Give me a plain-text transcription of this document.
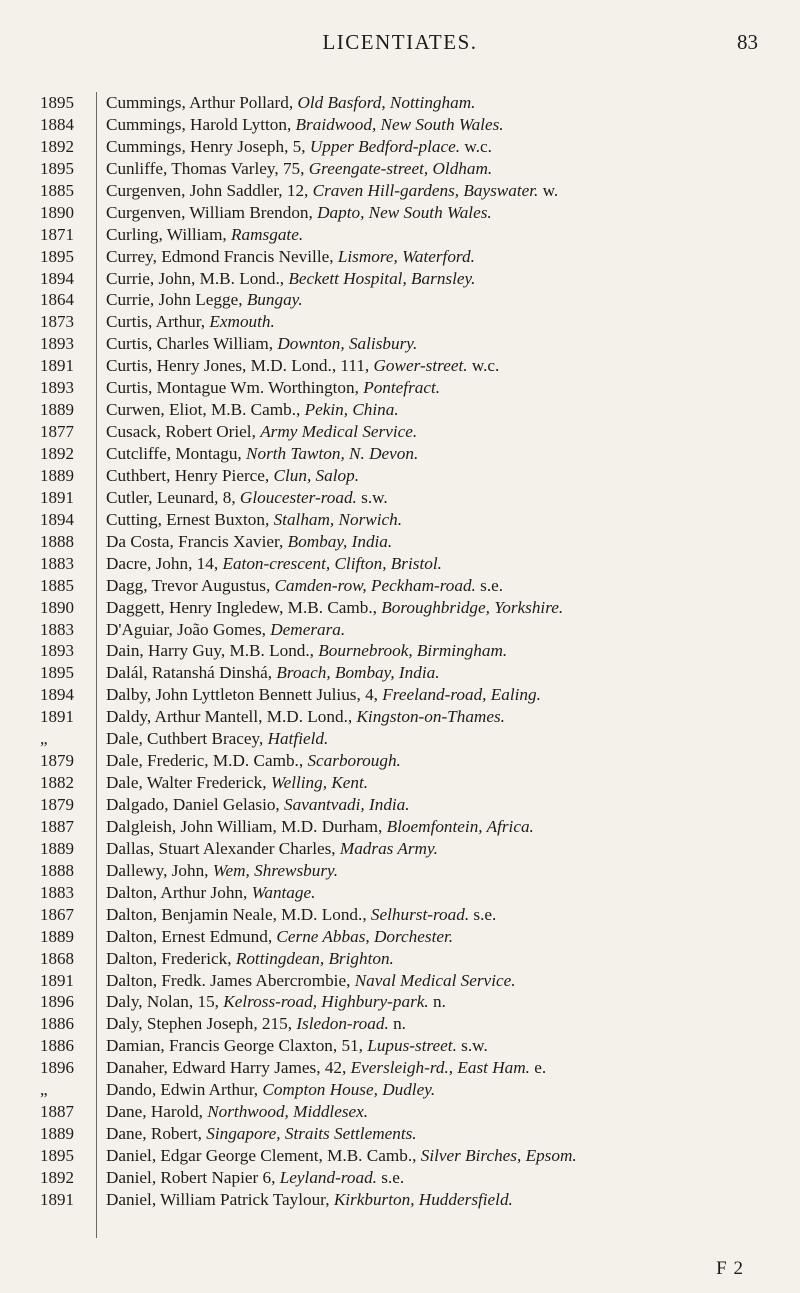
LICENTIATES.	83
1895	Cummings, Arthur Pollard, Old Basford, Nottingham.
1884	Cummings, Harold Lytton, Braidwood, New South Wales.
1892	Cummings, Henry Joseph, 5, Upper Bedford-place. w.c.
1895	Cunliffe, Thomas Varley, 75, Greengate-street, Oldham.
1885	Curgenven, John Saddler, 12, Craven Hill-gardens, Bayswater. w.
1890	Curgenven, William Brendon, Dapto, New South Wales.
1871	Curling, William, Ramsgate.
1895	Currey, Edmond Francis Neville, Lismore, Waterford.
1894	Currie, John, M.B. Lond., Beckett Hospital, Barnsley.
1864	Currie, John Legge, Bungay.
1873	Curtis, Arthur, Exmouth.
1893	Curtis, Charles William, Downton, Salisbury.
1891	Curtis, Henry Jones, M.D. Lond., 111, Gower-street. w.c.
1893	Curtis, Montague Wm. Worthington, Pontefract.
1889	Curwen, Eliot, M.B. Camb., Pekin, China.
1877	Cusack, Robert Oriel, Army Medical Service.
1892	Cutcliffe, Montagu, North Tawton, N. Devon.
1889	Cuthbert, Henry Pierce, Clun, Salop.
1891	Cutler, Leunard, 8, Gloucester-road. s.w.
1894	Cutting, Ernest Buxton, Stalham, Norwich.
1888	Da Costa, Francis Xavier, Bombay, India.
1883	Dacre, John, 14, Eaton-crescent, Clifton, Bristol.
1885	Dagg, Trevor Augustus, Camden-row, Peckham-road. s.e.
1890	Daggett, Henry Ingledew, M.B. Camb., Boroughbridge, Yorkshire.
1883	D'Aguiar, João Gomes, Demerara.
1893	Dain, Harry Guy, M.B. Lond., Bournebrook, Birmingham.
1895	Dalál, Ratanshá Dinshá, Broach, Bombay, India.
1894	Dalby, John Lyttleton Bennett Julius, 4, Freeland-road, Ealing.
1891	Daldy, Arthur Mantell, M.D. Lond., Kingston-on-Thames.
„	Dale, Cuthbert Bracey, Hatfield.
1879	Dale, Frederic, M.D. Camb., Scarborough.
1882	Dale, Walter Frederick, Welling, Kent.
1879	Dalgado, Daniel Gelasio, Savantvadi, India.
1887	Dalgleish, John William, M.D. Durham, Bloemfontein, Africa.
1889	Dallas, Stuart Alexander Charles, Madras Army.
1888	Dallewy, John, Wem, Shrewsbury.
1883	Dalton, Arthur John, Wantage.
1867	Dalton, Benjamin Neale, M.D. Lond., Selhurst-road. s.e.
1889	Dalton, Ernest Edmund, Cerne Abbas, Dorchester.
1868	Dalton, Frederick, Rottingdean, Brighton.
1891	Dalton, Fredk. James Abercrombie, Naval Medical Service.
1896	Daly, Nolan, 15, Kelross-road, Highbury-park. n.
1886	Daly, Stephen Joseph, 215, Isledon-road. n.
1886	Damian, Francis George Claxton, 51, Lupus-street. s.w.
1896	Danaher, Edward Harry James, 42, Eversleigh-rd., East Ham. e.
„	Dando, Edwin Arthur, Compton House, Dudley.
1887	Dane, Harold, Northwood, Middlesex.
1889	Dane, Robert, Singapore, Straits Settlements.
1895	Daniel, Edgar George Clement, M.B. Camb., Silver Birches, Epsom.
1892	Daniel, Robert Napier 6, Leyland-road. s.e.
1891	Daniel, William Patrick Taylour, Kirkburton, Huddersfield.
F 2
